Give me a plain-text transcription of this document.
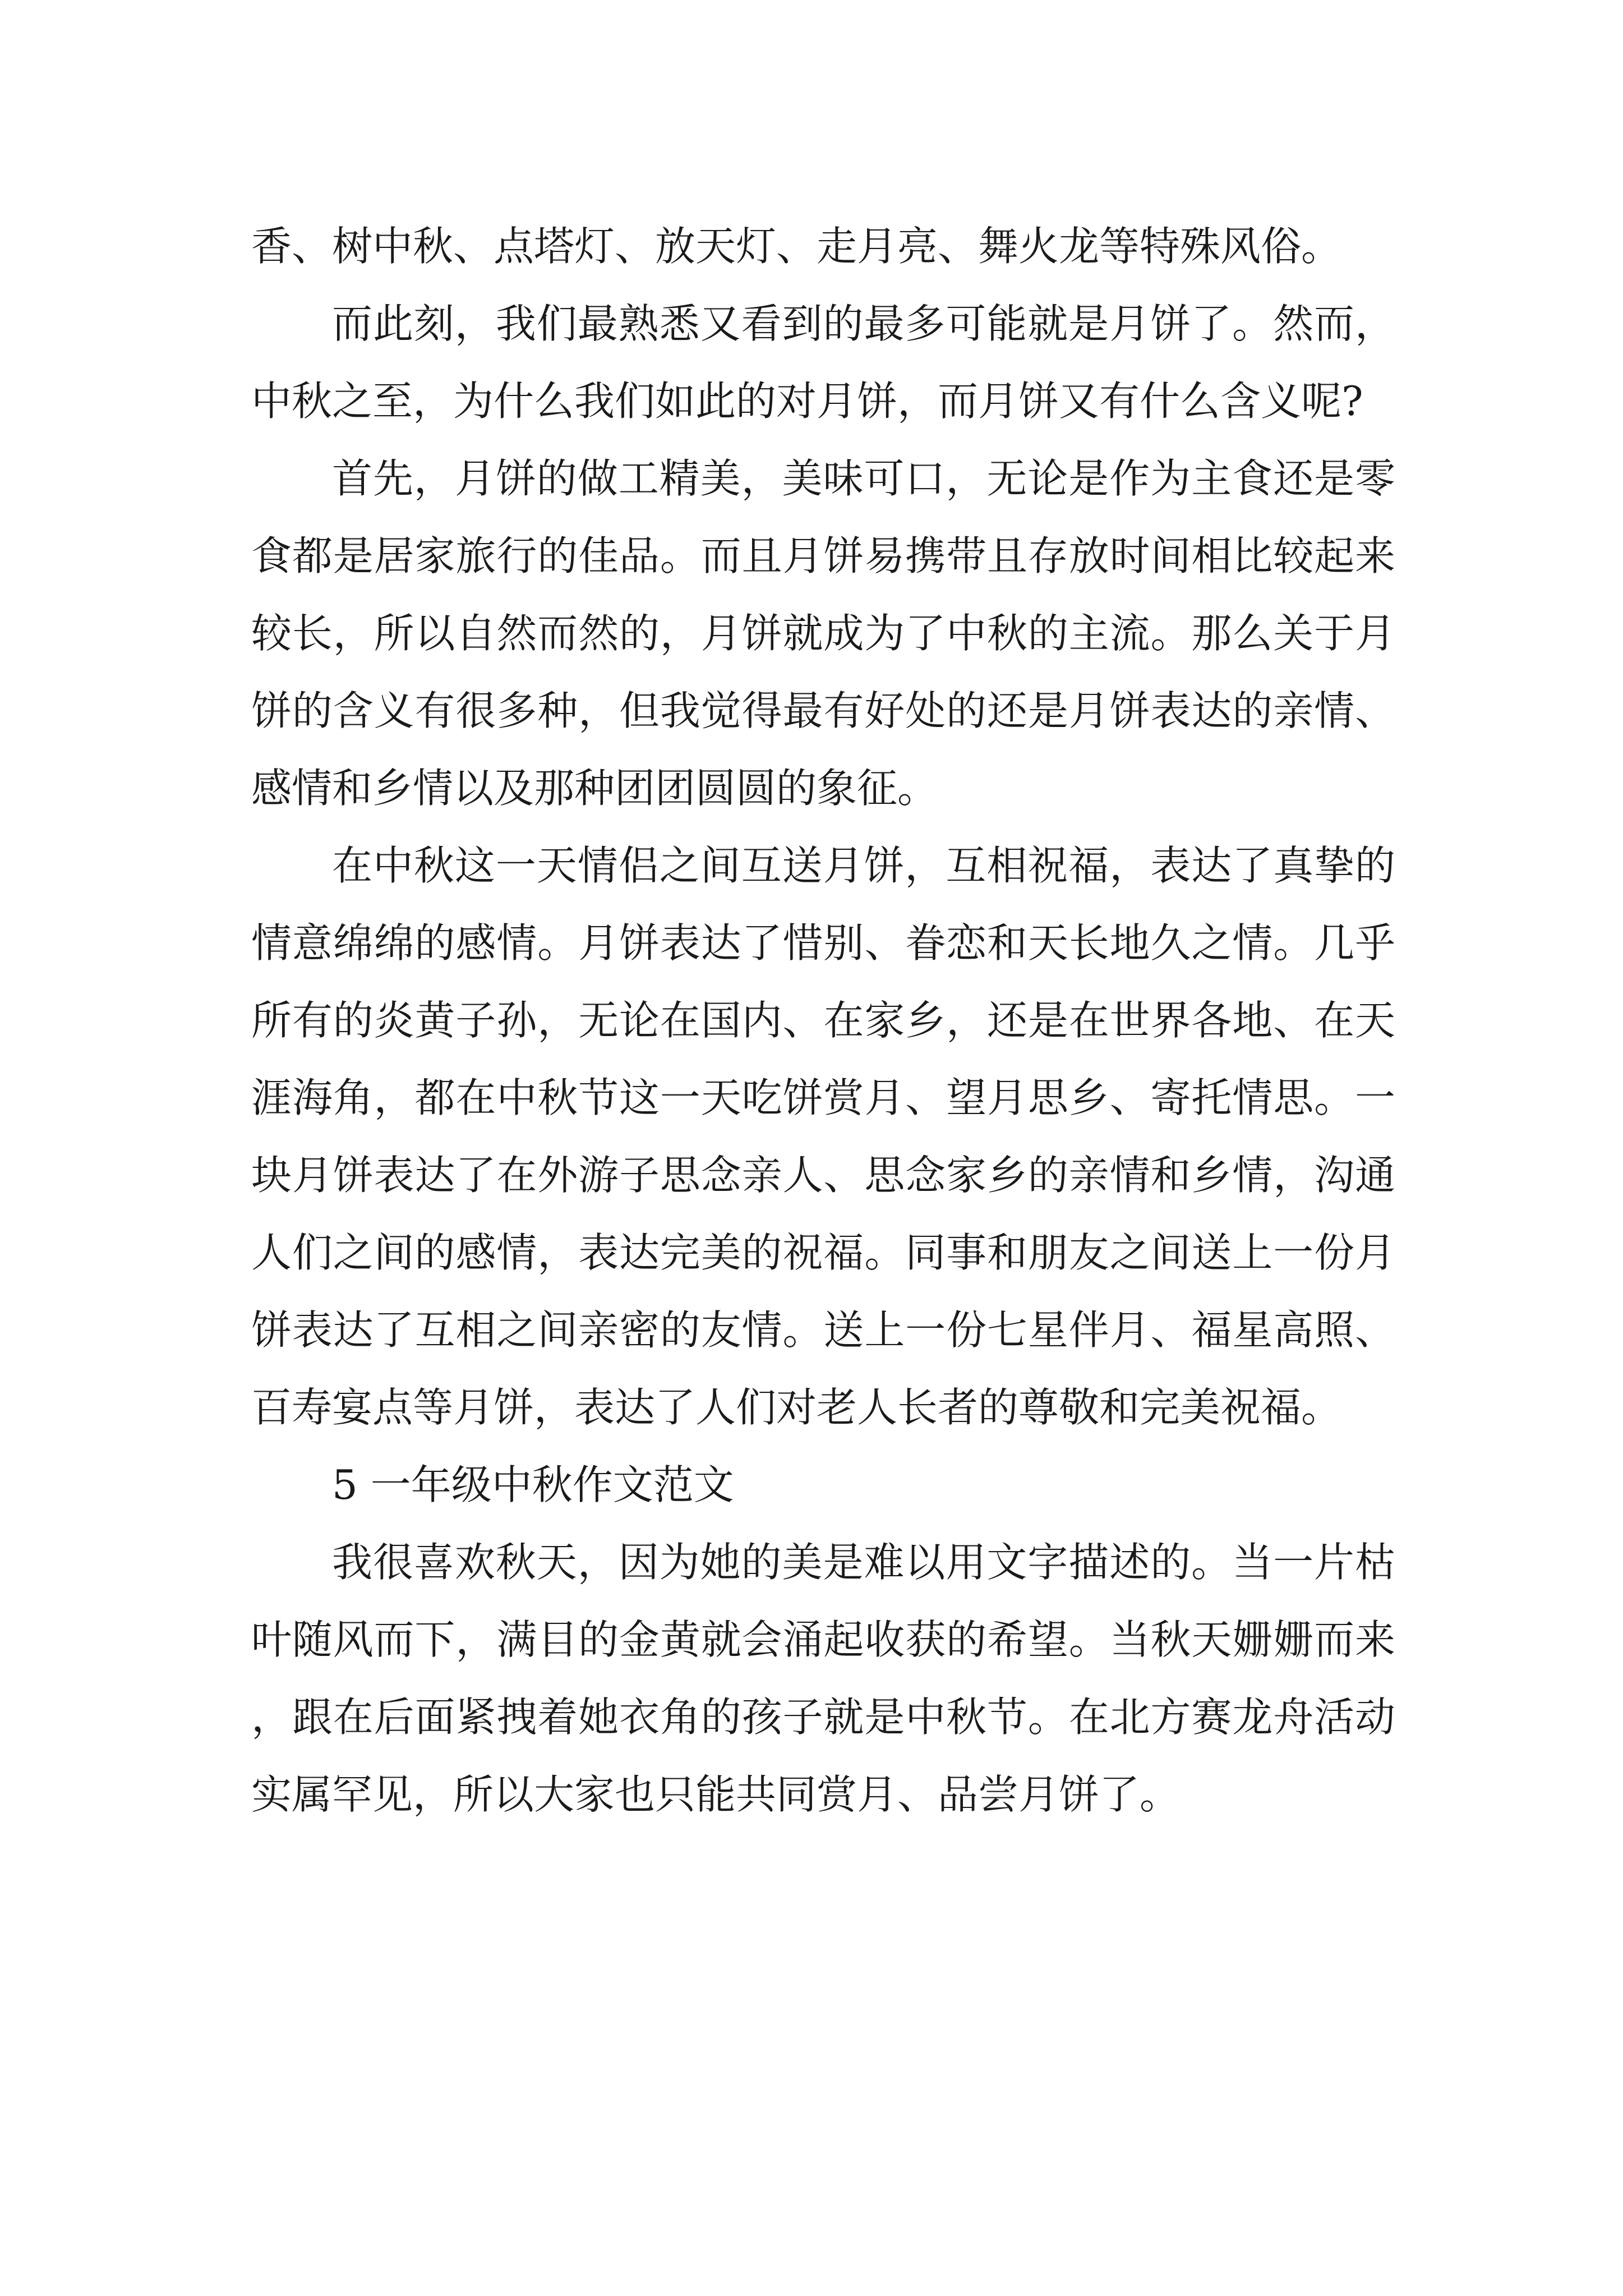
香、树中秋、点塔灯、放天灯、走月亮、舞火龙等特殊风俗。

而此刻，我们最熟悉又看到的最多可能就是月饼了。然而，中秋之至，为什么我们如此的对月饼，而月饼又有什么含义呢?

首先，月饼的做工精美，美味可口，无论是作为主食还是零食都是居家旅行的佳品。而且月饼易携带且存放时间相比较起来较长，所以自然而然的，月饼就成为了中秋的主流。那么关于月饼的含义有很多种，但我觉得最有好处的还是月饼表达的亲情、感情和乡情以及那种团团圆圆的象征。

在中秋这一天情侣之间互送月饼，互相祝福，表达了真挚的情意绵绵的感情。月饼表达了惜别、眷恋和天长地久之情。几乎所有的炎黄子孙，无论在国内、在家乡，还是在世界各地、在天涯海角，都在中秋节这一天吃饼赏月、望月思乡、寄托情思。一块月饼表达了在外游子思念亲人、思念家乡的亲情和乡情，沟通人们之间的感情，表达完美的祝福。同事和朋友之间送上一份月饼表达了互相之间亲密的友情。送上一份七星伴月、福星高照、百寿宴点等月饼，表达了人们对老人长者的尊敬和完美祝福。

5 一年级中秋作文范文

我很喜欢秋天，因为她的美是难以用文字描述的。当一片枯叶随风而下，满目的金黄就会涌起收获的希望。当秋天姗姗而来，跟在后面紧拽着她衣角的孩子就是中秋节。在北方赛龙舟活动实属罕见，所以大家也只能共同赏月、品尝月饼了。
